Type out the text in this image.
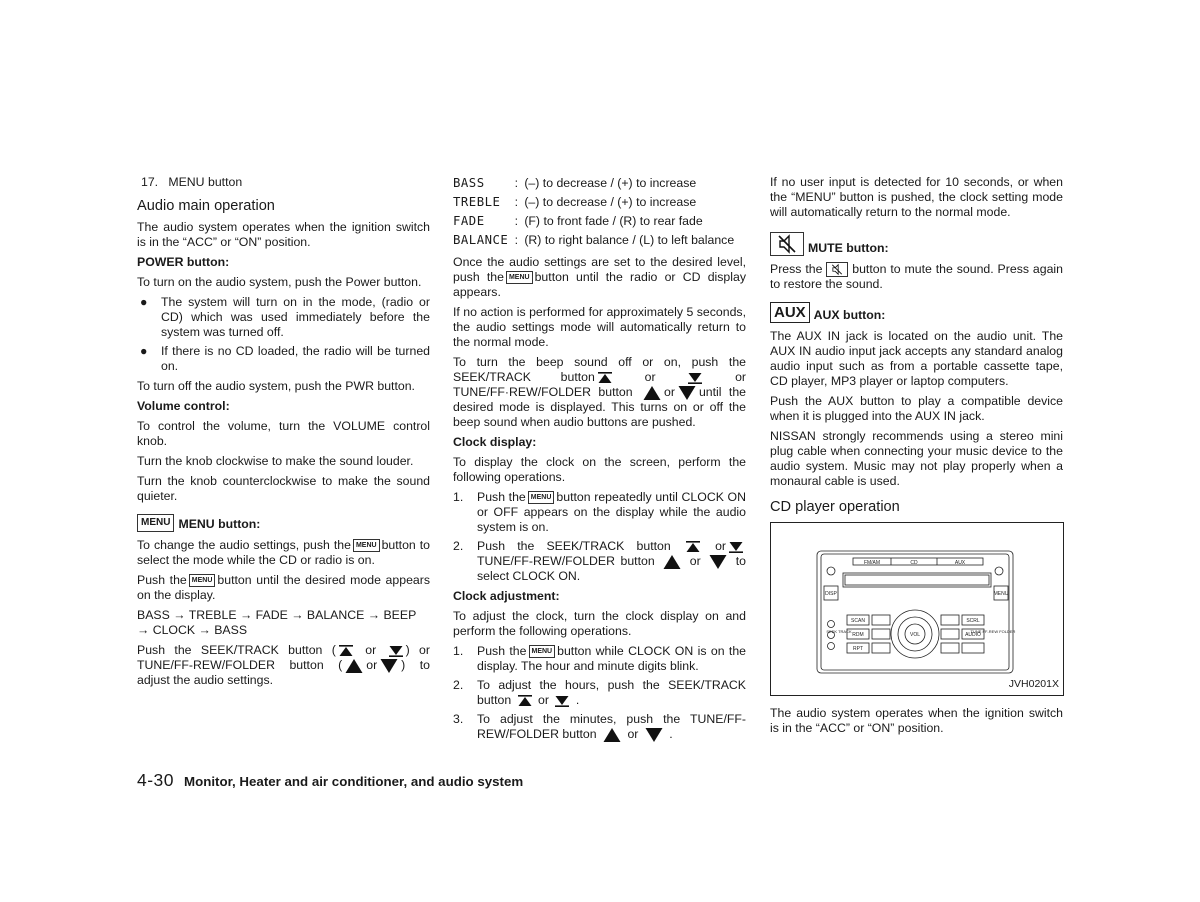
17. MENU button

Audio main operation

The audio system operates when the ignition switch is in the “ACC” or “ON” position.

POWER button:

To turn on the audio system, push the Power button.

● The system will turn on in the mode, (radio or CD) which was used immediately before the system was turned off.
● If there is no CD loaded, the radio will be turned on.

To turn off the audio system, push the PWR button.

Volume control:

To control the volume, turn the VOLUME control knob.

Turn the knob clockwise to make the sound louder.

Turn the knob counterclockwise to make the sound quieter.

MENU MENU button:

To change the audio settings, push the MENU button to select the mode while the CD or radio is on.

Push the MENU button until the desired mode appears on the display.

BASS → TREBLE → FADE → BALANCE → BEEP → CLOCK → BASS

Push the SEEK/TRACK button ( or ) or TUNE/FF-REW/FOLDER button ( or ) to adjust the audio settings.

BASS	:	(–) to decrease / (+) to increase
TREBLE	:	(–) to decrease / (+) to increase
FADE	:	(F) to front fade / (R) to rear fade
BALANCE	:	(R) to right balance / (L) to left balance

Once the audio settings are set to the desired level, push the MENU button until the radio or CD display appears.

If no action is performed for approximately 5 seconds, the audio settings mode will automatically return to the normal mode.

To turn the beep sound off or on, push the SEEK/TRACK button	or	or TUNE/FF·REW/FOLDER button	or until the desired mode is displayed. This turns on or off the beep sound when audio buttons are pushed.

Clock display:

To display the clock on the screen, perform the following operations.

1. Push the MENU button repeatedly until CLOCK ON or OFF appears on the display while the audio system is on.
2. Push the SEEK/TRACK button	or TUNE/FF-REW/FOLDER button	or	to select CLOCK ON.
Clock adjustment:

To adjust the clock, turn the clock display on and perform the following operations.

1. Push the MENU button while CLOCK ON is on the display. The hour and minute digits blink.
2. To adjust the hours, push the SEEK/TRACK button or .
3. To adjust the minutes, push the TUNE/FF-REW/FOLDER button	or	.

If no user input is detected for 10 seconds, or when the “MENU” button is pushed, the clock setting mode will automatically return to the normal mode.

MUTE button:

Press the button to mute the sound. Press again to restore the sound.

AUX AUX button:

The AUX IN jack is located on the audio unit. The AUX IN audio input jack accepts any standard analog audio input such as from a portable cassette tape, CD player, MP3 player or laptop computers.

Push the AUX button to play a compatible device when it is plugged into the AUX IN jack.

NISSAN strongly recommends using a stereo mini plug cable when connecting your music device to the audio system. Music may not play properly when a monaural cable is used.

CD player operation
FM/AM	CD	AUX
DISP	MENU
SCAN
RDM
RPT
SCRL
AUDIO
SEEK TRACK	TUNE FF-REW FOLDER
VOL
JVH0201X

The audio system operates when the ignition switch is in the “ACC” or “ON” position.

4-30 Monitor, Heater and air conditioner, and audio system
